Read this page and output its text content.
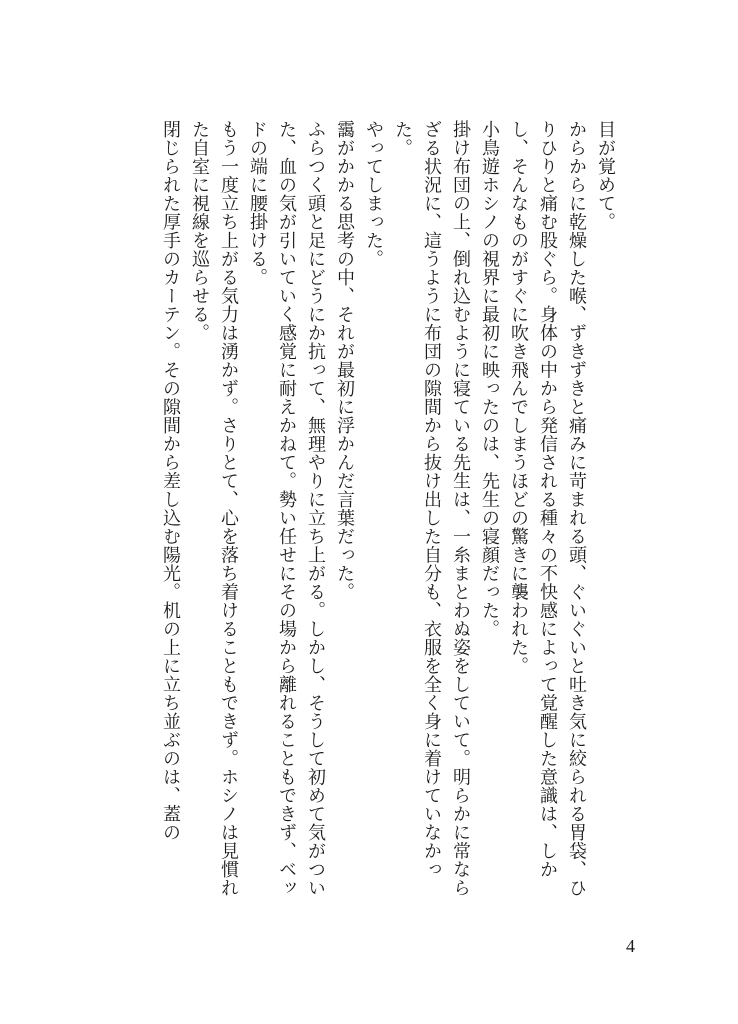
目が覚めて。

からからに乾燥した喉、ずきずきと痛みに苛まれる頭、ぐいぐいと吐き気に絞られる胃袋、ひりひりと痛む股ぐら。身体の中から発信される種々の不快感によって覚醒した意識は、しかし、そんなものがすぐに吹き飛んでしまうほどの驚きに襲われた。

小鳥遊ホシノの視界に最初に映ったのは、先生の寝顔だった。

掛け布団の上、倒れ込むように寝ている先生は、一糸まとわぬ姿をしていて。明らかに常ならざる状況に、這うように布団の隙間から抜け出した自分も、衣服を全く身に着けていなかった。

やってしまった。

靄がかかる思考の中、それが最初に浮かんだ言葉だった。

ふらつく頭と足にどうにか抗って、無理やりに立ち上がる。しかし、そうして初めて気がついた、血の気が引いていく感覚に耐えかねて。勢い任せにその場から離れることもできず、ベッドの端に腰掛ける。

もう一度立ち上がる気力は湧かず。さりとて、心を落ち着けることもできず。ホシノは見慣れた自室に視線を巡らせる。

閉じられた厚手のカーテン。その隙間から差し込む陽光。机の上に立ち並ぶのは、蓋の

4
